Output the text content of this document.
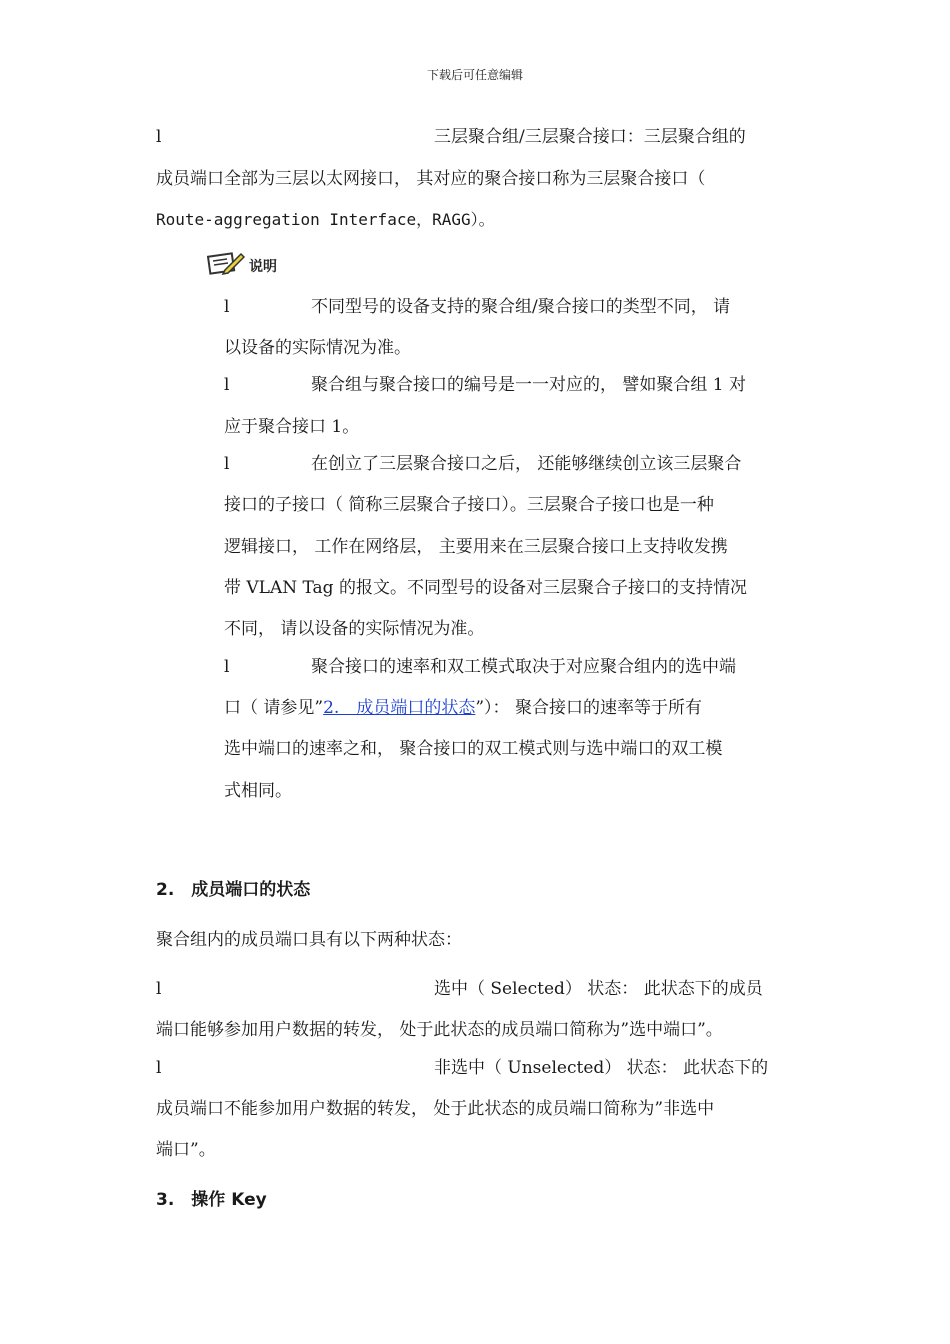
下载后可任意编辑
l	三层聚合组/三层聚合接口：三层聚合组的
成员端口全部为三层以太网接口， 其对应的聚合接口称为三层聚合接口（
Route-aggregation Interface，RAGG）。
说明
l	不同型号的设备支持的聚合组/聚合接口的类型不同， 请
以设备的实际情况为准。
l	聚合组与聚合接口的编号是一一对应的， 譬如聚合组 1 对
应于聚合接口 1。
l	在创立了三层聚合接口之后， 还能够继续创立该三层聚合
接口的子接口（ 简称三层聚合子接口）。三层聚合子接口也是一种
逻辑接口， 工作在网络层， 主要用来在三层聚合接口上支持收发携
带 VLAN Tag 的报文。不同型号的设备对三层聚合子接口的支持情况
不同， 请以设备的实际情况为准。
l	聚合接口的速率和双工模式取决于对应聚合组内的选中端
口（ 请参见”2.　成员端口的状态”）： 聚合接口的速率等于所有
选中端口的速率之和， 聚合接口的双工模式则与选中端口的双工模
式相同。
2.　成员端口的状态
聚合组内的成员端口具有以下两种状态：
l	选中（ Selected） 状态： 此状态下的成员
端口能够参加用户数据的转发， 处于此状态的成员端口简称为”选中端口”。
l	非选中（ Unselected） 状态： 此状态下的
成员端口不能参加用户数据的转发， 处于此状态的成员端口简称为”非选中
端口”。
3.　操作 Key
